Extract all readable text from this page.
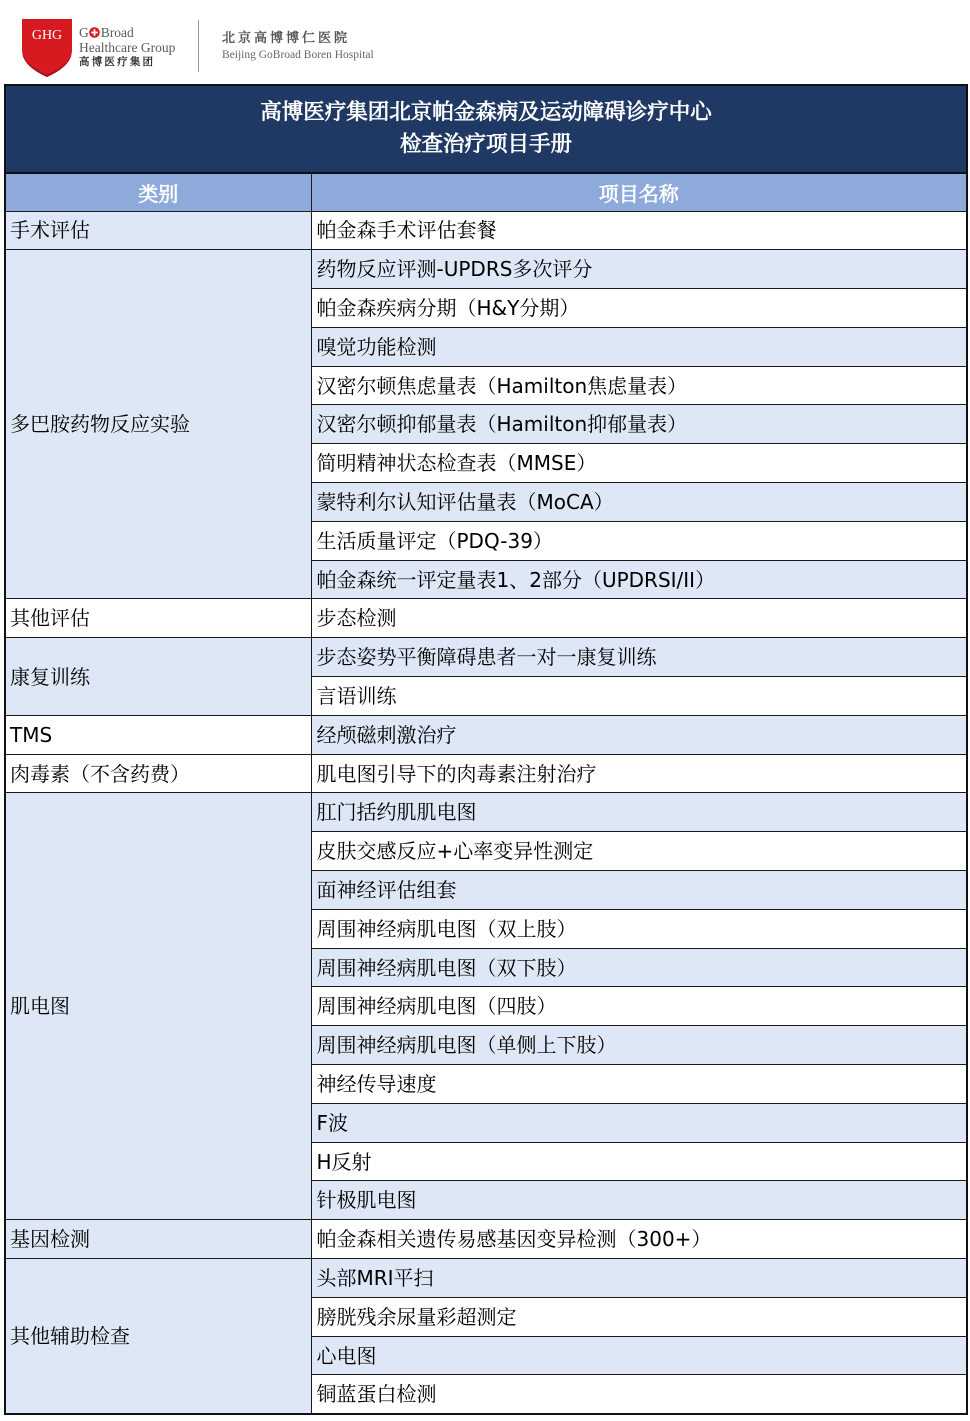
GHG G Broad
Healthcare Group
高博医疗集团
北京高博博仁医院
Beijing GoBroad Boren Hospital
高博医疗集团北京帕金森病及运动障碍诊疗中心
检查治疗项目手册	

类别	项目名称
手术评估	帕金森手术评估套餐
多巴胺药物反应实验	药物反应评测-UPDRS多次评分
	帕金森疾病分期（H&Y分期）
	嗅觉功能检测
	汉密尔顿焦虑量表（Hamilton焦虑量表）
	汉密尔顿抑郁量表（Hamilton抑郁量表）
	简明精神状态检查表（MMSE）
	蒙特利尔认知评估量表（MoCA）
	生活质量评定（PDQ-39）
	帕金森统一评定量表1、2部分（UPDRSI/II）
其他评估	步态检测
康复训练	步态姿势平衡障碍患者一对一康复训练
	言语训练
TMS	经颅磁刺激治疗
肉毒素（不含药费）	肌电图引导下的肉毒素注射治疗
肌电图	肛门括约肌肌电图
	皮肤交感反应+心率变异性测定
	面神经评估组套
	周围神经病肌电图（双上肢）
	周围神经病肌电图（双下肢）
	周围神经病肌电图（四肢）
	周围神经病肌电图（单侧上下肢）
	神经传导速度
	F波
	H反射
	针极肌电图
基因检测	帕金森相关遗传易感基因变异检测（300+）
其他辅助检查	头部MRI平扫
	膀胱残余尿量彩超测定
	心电图
	铜蓝蛋白检测
